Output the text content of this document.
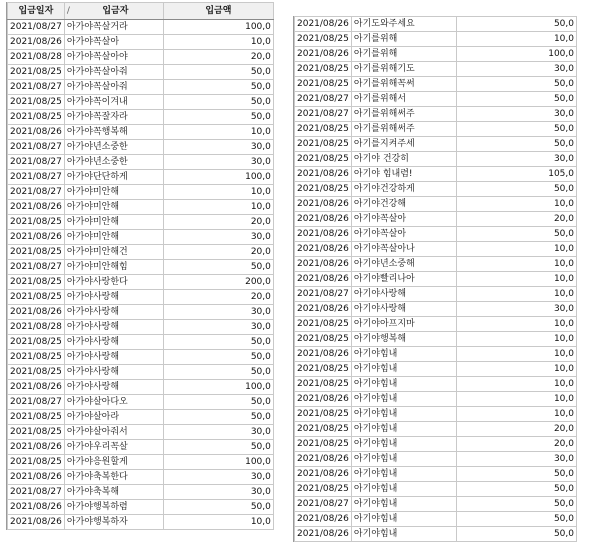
입금일자	/ 입금자	입금액
2021/08/27	아가야꼭살거라	100,0
2021/08/26	아가야꼭살아	10,0
2021/08/28	아가야꼭살아야	20,0
2021/08/25	아가야꼭살아줘	50,0
2021/08/27	아가야꼭살아줘	50,0
2021/08/25	아가야꼭이겨내	50,0
2021/08/25	아가야꼭잘자라	50,0
2021/08/26	아가야꼭행복해	10,0
2021/08/27	아가야년소중한	30,0
2021/08/27	아가야년소중한	30,0
2021/08/27	아가야단단하게	100,0
2021/08/27	아가야미안해	10,0
2021/08/26	아가야미안해	10,0
2021/08/25	아가야미안해	20,0
2021/08/26	아가야미안해	30,0
2021/08/25	아가야미안해건	20,0
2021/08/27	아가야미안해힘	50,0
2021/08/25	아가야사랑한다	200,0
2021/08/25	아가야사랑해	20,0
2021/08/26	아가야사랑해	30,0
2021/08/28	아가야사랑해	30,0
2021/08/25	아가야사랑해	50,0
2021/08/25	아가야사랑해	50,0
2021/08/25	아가야사랑해	50,0
2021/08/26	아가야사랑해	100,0
2021/08/27	아가야살아다오	50,0
2021/08/25	아가야살아라	50,0
2021/08/25	아가야살아줘서	30,0
2021/08/26	아가야우리꼭살	50,0
2021/08/25	아가야응원할게	100,0
2021/08/26	아가야축복한다	30,0
2021/08/27	아가야축복해	30,0
2021/08/26	아가야행복하렴	50,0
2021/08/26	아가야행복하자	10,0
2021/08/26	아기도와주세요	50,0
2021/08/25	아기를위해	10,0
2021/08/26	아기를위해	100,0
2021/08/25	아기를위해기도	30,0
2021/08/25	아기를위해꼭써	50,0
2021/08/27	아기를위해서	50,0
2021/08/27	아기를위해써주	30,0
2021/08/25	아기를위해써주	50,0
2021/08/25	아기를지켜주세	50,0
2021/08/25	아기야 건강히	30,0
2021/08/26	아기야 힘내렴!	105,0
2021/08/25	아기야건강하게	50,0
2021/08/26	아기야건강해	10,0
2021/08/26	아기야꼭살아	20,0
2021/08/26	아기야꼭살아	50,0
2021/08/26	아기야꼭살아나	10,0
2021/08/26	아기야년소중해	10,0
2021/08/26	아기야빨리나아	10,0
2021/08/27	아기야사랑해	10,0
2021/08/26	아기야사랑해	30,0
2021/08/25	아기야아프지마	10,0
2021/08/25	아기야행복해	10,0
2021/08/26	아기야힘내	10,0
2021/08/25	아기야힘내	10,0
2021/08/25	아기야힘내	10,0
2021/08/26	아기야힘내	10,0
2021/08/25	아기야힘내	10,0
2021/08/25	아기야힘내	20,0
2021/08/25	아기야힘내	20,0
2021/08/26	아기야힘내	30,0
2021/08/26	아기야힘내	50,0
2021/08/25	아기야힘내	50,0
2021/08/27	아기야힘내	50,0
2021/08/26	아기야힘내	50,0
2021/08/26	아기야힘내	50,0
